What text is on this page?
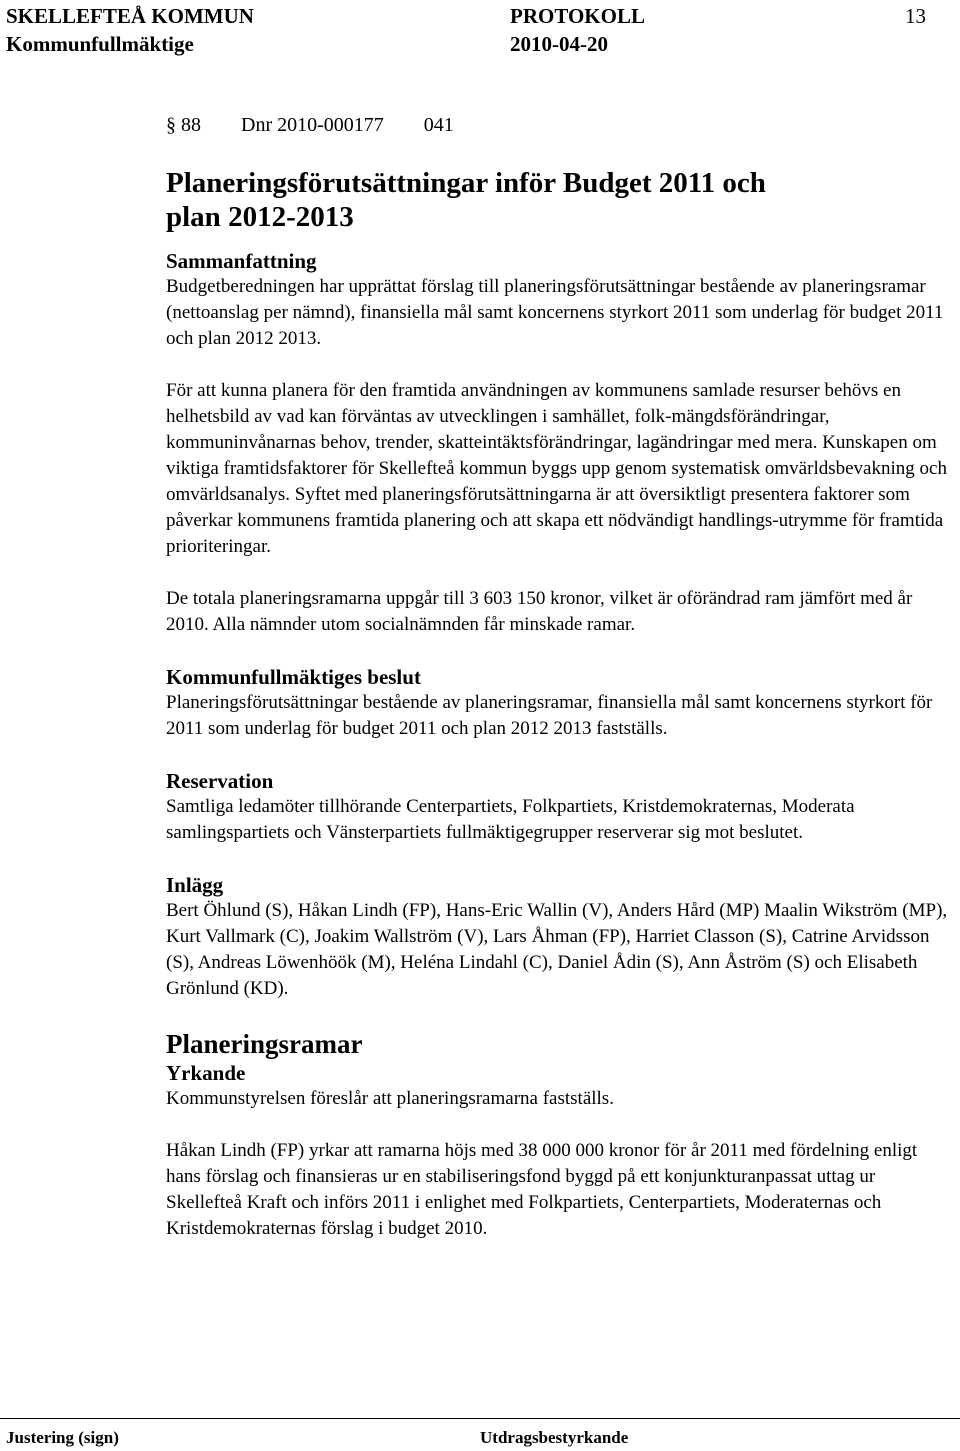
SKELLEFTEÅ KOMMUN	PROTOKOLL	13
Kommunfullmäktige	2010-04-20
§ 88 Dnr 2010-000177 041
Planeringsförutsättningar inför Budget 2011 och plan 2012-2013
Sammanfattning

Budgetberedningen har upprättat förslag till planeringsförutsättningar bestående av planeringsramar (nettoanslag per nämnd), finansiella mål samt koncernens styrkort 2011 som underlag för budget 2011 och plan 2012 2013.

För att kunna planera för den framtida användningen av kommunens samlade resurser behövs en helhetsbild av vad kan förväntas av utvecklingen i samhället, folk-mängdsförändringar, kommuninvånarnas behov, trender, skatteintäktsförändringar, lagändringar med mera. Kunskapen om viktiga framtidsfaktorer för Skellefteå kommun byggs upp genom systematisk omvärldsbevakning och omvärldsanalys. Syftet med planeringsförutsättningarna är att översiktligt presentera faktorer som påverkar kommunens framtida planering och att skapa ett nödvändigt handlings-utrymme för framtida prioriteringar.

De totala planeringsramarna uppgår till 3 603 150 kronor, vilket är oförändrad ram jämfört med år 2010. Alla nämnder utom socialnämnden får minskade ramar.

Kommunfullmäktiges beslut

Planeringsförutsättningar bestående av planeringsramar, finansiella mål samt koncernens styrkort för 2011 som underlag för budget 2011 och plan 2012 2013 fastställs.

Reservation

Samtliga ledamöter tillhörande Centerpartiets, Folkpartiets, Kristdemokraternas, Moderata samlingspartiets och Vänsterpartiets fullmäktigegrupper reserverar sig mot beslutet.

Inlägg

Bert Öhlund (S), Håkan Lindh (FP), Hans-Eric Wallin (V), Anders Hård (MP) Maalin Wikström (MP), Kurt Vallmark (C), Joakim Wallström (V), Lars Åhman (FP), Harriet Classon (S), Catrine Arvidsson (S), Andreas Löwenhöök (M), Heléna Lindahl (C), Daniel Ådin (S), Ann Åström (S) och Elisabeth Grönlund (KD).

Planeringsramar
Yrkande

Kommunstyrelsen föreslår att planeringsramarna fastställs.

Håkan Lindh (FP) yrkar att ramarna höjs med 38 000 000 kronor för år 2011 med fördelning enligt hans förslag och finansieras ur en stabiliseringsfond byggd på ett konjunkturanpassat uttag ur Skellefteå Kraft och införs 2011 i enlighet med Folkpartiets, Centerpartiets, Moderaternas och Kristdemokraternas förslag i budget 2010.

Justering (sign)	Utdragsbestyrkande
